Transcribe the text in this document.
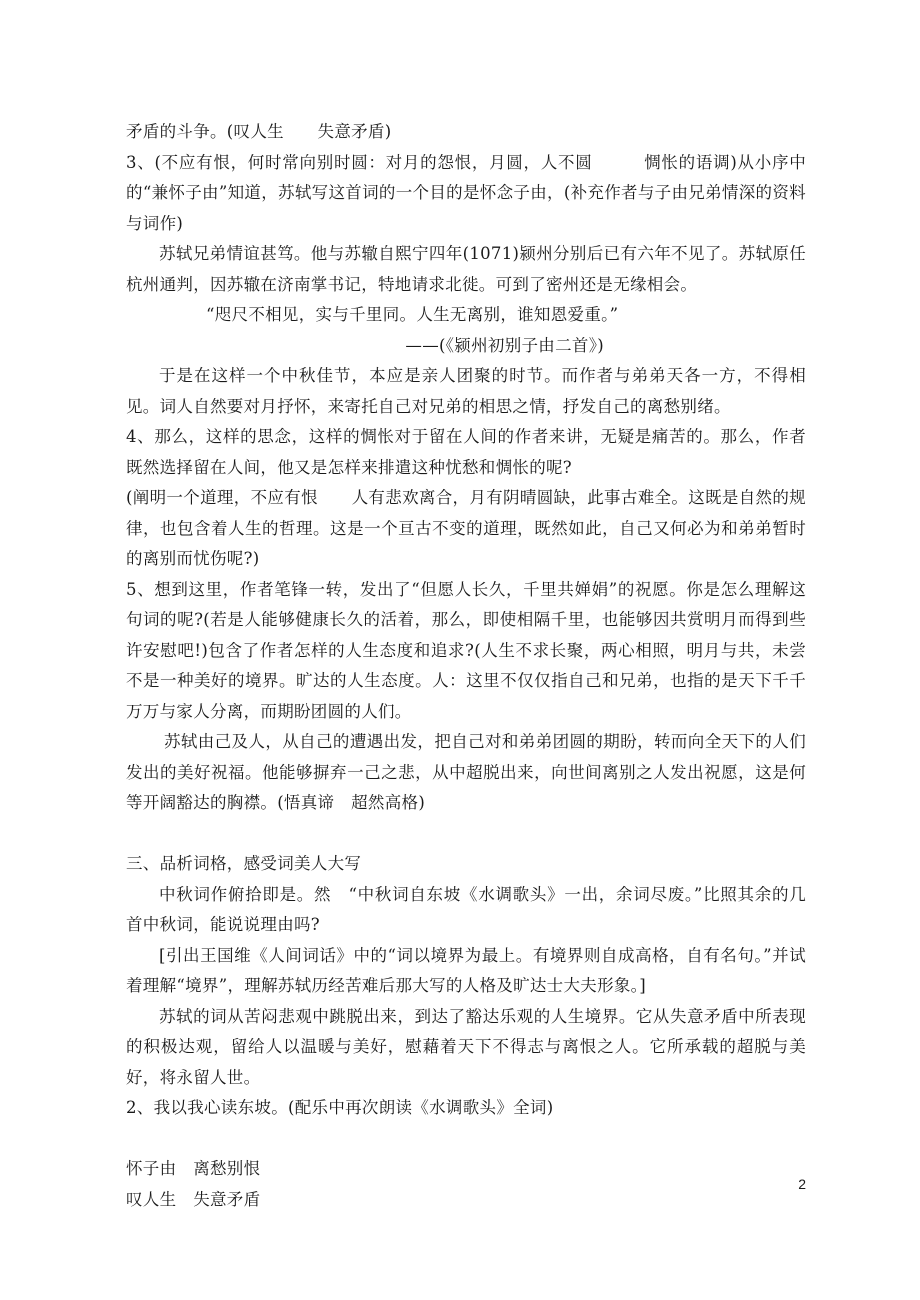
矛盾的斗争。(叹人生　　失意矛盾)

3、(不应有恨，何时常向别时圆：对月的怨恨，月圆，人不圆　　　惆怅的语调)从小序中的“兼怀子由”知道，苏轼写这首词的一个目的是怀念子由，(补充作者与子由兄弟情深的资料与词作)

苏轼兄弟情谊甚笃。他与苏辙自熙宁四年(1071)颍州分别后已有六年不见了。苏轼原任杭州通判，因苏辙在济南掌书记，特地请求北徙。可到了密州还是无缘相会。

“咫尺不相见，实与千里同。人生无离别，谁知恩爱重。”

——(《颍州初别子由二首》)

于是在这样一个中秋佳节，本应是亲人团聚的时节。而作者与弟弟天各一方，不得相见。词人自然要对月抒怀，来寄托自己对兄弟的相思之情，抒发自己的离愁别绪。

4、那么，这样的思念，这样的惆怅对于留在人间的作者来讲，无疑是痛苦的。那么，作者既然选择留在人间，他又是怎样来排遣这种忧愁和惆怅的呢?

(阐明一个道理，不应有恨　　人有悲欢离合，月有阴晴圆缺，此事古难全。这既是自然的规律，也包含着人生的哲理。这是一个亘古不变的道理，既然如此，自己又何必为和弟弟暂时的离别而忧伤呢?)

5、想到这里，作者笔锋一转，发出了“但愿人长久，千里共婵娟”的祝愿。你是怎么理解这句词的呢?(若是人能够健康长久的活着，那么，即使相隔千里，也能够因共赏明月而得到些许安慰吧!)包含了作者怎样的人生态度和追求?(人生不求长聚，两心相照，明月与共，未尝不是一种美好的境界。旷达的人生态度。人：这里不仅仅指自己和兄弟，也指的是天下千千万万与家人分离，而期盼团圆的人们。

苏轼由己及人，从自己的遭遇出发，把自己对和弟弟团圆的期盼，转而向全天下的人们发出的美好祝福。他能够摒弃一己之悲，从中超脱出来，向世间离别之人发出祝愿，这是何等开阔豁达的胸襟。(悟真谛　超然高格)

三、品析词格，感受词美人大写

中秋词作俯拾即是。然　“中秋词自东坡《水调歌头》一出，余词尽废。”比照其余的几首中秋词，能说说理由吗?

[引出王国维《人间词话》中的“词以境界为最上。有境界则自成高格，自有名句。”并试着理解“境界”，理解苏轼历经苦难后那大写的人格及旷达士大夫形象。]

苏轼的词从苦闷悲观中跳脱出来，到达了豁达乐观的人生境界。它从失意矛盾中所表现的积极达观，留给人以温暖与美好，慰藉着天下不得志与离恨之人。它所承载的超脱与美好，将永留人世。

2、我以我心读东坡。(配乐中再次朗读《水调歌头》全词)

怀子由　离愁别恨

叹人生　失意矛盾

2
